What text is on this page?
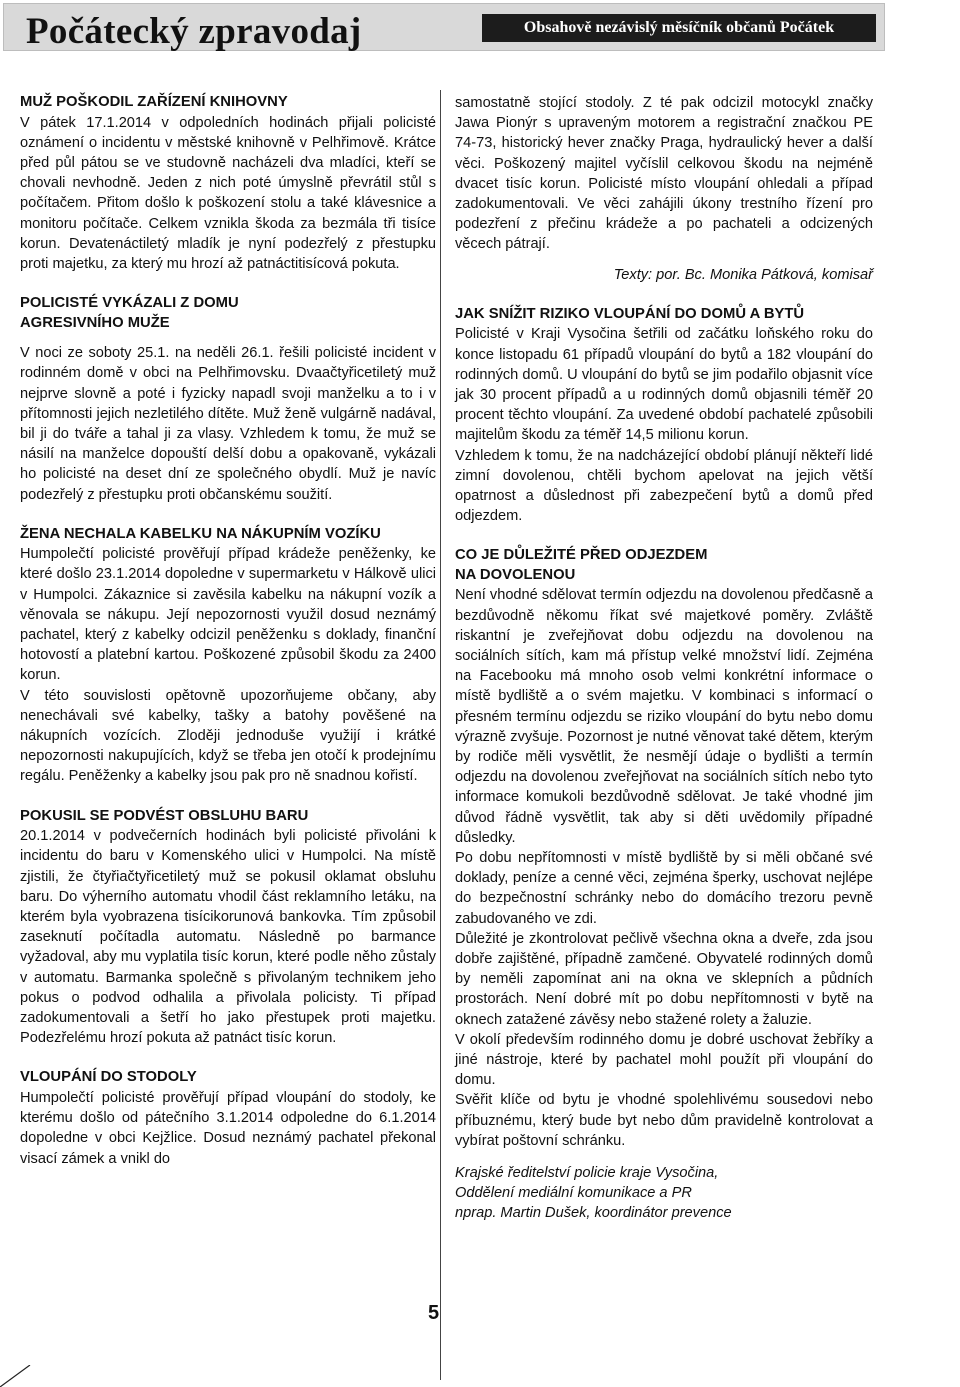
Počátecký zpravodaj	Obsahově nezávislý měsíčník občanů Počátek
MUŽ POŠKODIL ZAŘÍZENÍ KNIHOVNY

V pátek 17.1.2014 v odpoledních hodinách přijali policisté oznámení o incidentu v městské knihovně v Pelhřimově. Krátce před půl pátou se ve studovně nacházeli dva mladíci, kteří se chovali nevhodně. Jeden z nich poté úmyslně převrátil stůl s počítačem. Přitom došlo k poškození stolu a také klávesnice a monitoru počítače. Celkem vznikla škoda za bezmála tři tisíce korun. Devatenáctiletý mladík je nyní podezřelý z přestupku proti majetku, za který mu hrozí až patnáctitisícová pokuta.

POLICISTÉ VYKÁZALI Z DOMU
AGRESIVNÍHO MUŽE

V noci ze soboty 25.1. na neděli 26.1. řešili policisté incident v rodinném domě v obci na Pelhřimovsku. Dvaačtyřicetiletý muž nejprve slovně a poté i fyzicky napadl svoji manželku a to i v přítomnosti jejich nezletilého dítěte. Muž ženě vulgárně nadával, bil ji do tváře a tahal ji za vlasy. Vzhledem k tomu, že muž se násilí na manželce dopouští delší dobu a opakovaně, vykázali ho policisté na deset dní ze společného obydlí. Muž je navíc podezřelý z přestupku proti občanskému soužití.

ŽENA NECHALA KABELKU NA NÁKUPNÍM VOZÍKU

Humpolečtí policisté prověřují případ krádeže peněženky, ke které došlo 23.1.2014 dopoledne v supermarketu v Hálkově ulici v Humpolci. Zákaznice si zavěsila kabelku na nákupní vozík a věnovala se nákupu. Její nepozornosti využil dosud neznámý pachatel, který z kabelky odcizil peněženku s doklady, finanční hotovostí a platební kartou. Poškozené způsobil škodu za 2400 korun.

V této souvislosti opětovně upozorňujeme občany, aby nenechávali své kabelky, tašky a batohy pověšené na nákupních vozících. Zloději jednoduše využijí i krátké nepozornosti nakupujících, když se třeba jen otočí k prodejnímu regálu. Peněženky a kabelky jsou pak pro ně snadnou kořistí.

POKUSIL SE PODVÉST OBSLUHU BARU

20.1.2014 v podvečerních hodinách byli policisté přivoláni k incidentu do baru v Komenského ulici v Humpolci. Na místě zjistili, že čtyřiačtyřicetiletý muž se pokusil oklamat obsluhu baru. Do výherního automatu vhodil část reklamního letáku, na kterém byla vyobrazena tisícikorunová bankovka. Tím způsobil zaseknutí počítadla automatu. Následně po barmance vyžadoval, aby mu vyplatila tisíc korun, které podle něho zůstaly v automatu. Barmanka společně s přivolaným technikem jeho pokus o podvod odhalila a přivolala policisty. Ti případ zadokumentovali a šetří ho jako přestupek proti majetku. Podezřelému hrozí pokuta až patnáct tisíc korun.

VLOUPÁNÍ DO STODOLY

Humpolečtí policisté prověřují případ vloupání do stodoly, ke kterému došlo od pátečního 3.1.2014 odpoledne do 6.1.2014 dopoledne v obci Kejžlice. Dosud neznámý pachatel překonal visací zámek a vnikl do

samostatně stojící stodoly. Z té pak odcizil motocykl značky Jawa Pionýr s upraveným motorem a registrační značkou PE 74-73, historický hever značky Praga, hydraulický hever a další věci. Poškozený majitel vyčíslil celkovou škodu na nejméně dvacet tisíc korun. Policisté místo vloupání ohledali a případ zadokumentovali. Ve věci zahájili úkony trestního řízení pro podezření z přečinu krádeže a po pachateli a odcizených věcech pátrají.

Texty: por. Bc. Monika Pátková, komisař

JAK SNÍŽIT RIZIKO VLOUPÁNÍ DO DOMŮ A BYTŮ

Policisté v Kraji Vysočina šetřili od začátku loňského roku do konce listopadu 61 případů vloupání do bytů a 182 vloupání do rodinných domů. U vloupání do bytů se jim podařilo objasnit více jak 30 procent případů a u rodinných domů objasnili téměř 20 procent těchto vloupání. Za uvedené období pachatelé způsobili majitelům škodu za téměř 14,5 milionu korun.

Vzhledem k tomu, že na nadcházející období plánují někteří lidé zimní dovolenou, chtěli bychom apelovat na jejich větší opatrnost a důslednost při zabezpečení bytů a domů před odjezdem.

CO JE DŮLEŽITÉ PŘED ODJEZDEM
NA DOVOLENOU

Není vhodné sdělovat termín odjezdu na dovolenou předčasně a bezdůvodně někomu říkat své majetkové poměry. Zvláště riskantní je zveřejňovat dobu odjezdu na dovolenou na sociálních sítích, kam má přístup velké množství lidí. Zejména na Facebooku má mnoho osob velmi konkrétní informace o místě bydliště a o svém majetku. V kombinaci s informací o přesném termínu odjezdu se riziko vloupání do bytu nebo domu výrazně zvyšuje. Pozornost je nutné věnovat také dětem, kterým by rodiče měli vysvětlit, že nesmějí údaje o bydlišti a termín odjezdu na dovolenou zveřejňovat na sociálních sítích nebo tyto informace komukoli bezdůvodně sdělovat. Je také vhodné jim důvod řádně vysvětlit, tak aby si děti uvědomily případné důsledky.

Po dobu nepřítomnosti v místě bydliště by si měli občané své doklady, peníze a cenné věci, zejména šperky, uschovat nejlépe do bezpečnostní schránky nebo do domácího trezoru pevně zabudovaného ve zdi.

Důležité je zkontrolovat pečlivě všechna okna a dveře, zda jsou dobře zajištěné, případně zamčené. Obyvatelé rodinných domů by neměli zapomínat ani na okna ve sklepních a půdních prostorách. Není dobré mít po dobu nepřítomnosti v bytě na oknech zatažené závěsy nebo stažené rolety a žaluzie.

V okolí především rodinného domu je dobré uschovat žebříky a jiné nástroje, které by pachatel mohl použít při vloupání do domu.

Svěřit klíče od bytu je vhodné spolehlivému sousedovi nebo příbuznému, který bude byt nebo dům pravidelně kontrolovat a vybírat poštovní schránku.

Krajské ředitelství policie kraje Vysočina,

Oddělení mediální komunikace a PR

nprap. Martin Dušek, koordinátor prevence

5
